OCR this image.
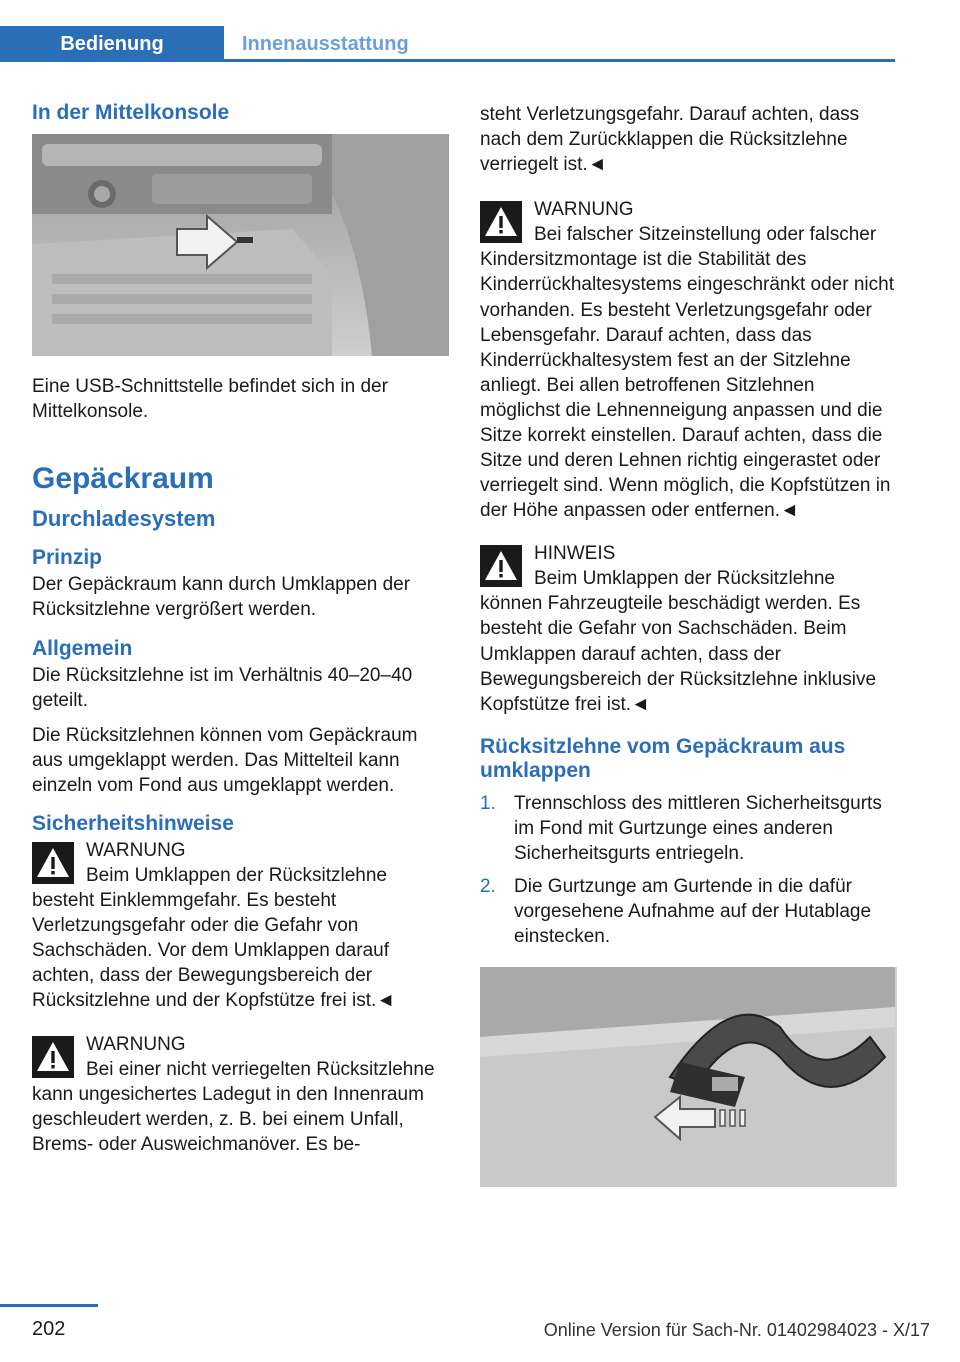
Bedienung	Innenausstattung
In der Mittelkonsole

Eine USB-Schnittstelle befindet sich in der Mittelkonsole.

Gepäckraum
Durchladesystem
Prinzip

Der Gepäckraum kann durch Umklappen der Rücksitzlehne vergrößert werden.

Allgemein

Die Rücksitzlehne ist im Verhältnis 40–20–40 geteilt.

Die Rücksitzlehnen können vom Gepäckraum aus umgeklappt werden. Das Mittelteil kann einzeln vom Fond aus umgeklappt werden.

Sicherheitshinweise
WARNUNG
Beim Umklappen der Rücksitzlehne besteht Einklemmgefahr. Es besteht Verletzungsgefahr oder die Gefahr von Sachschäden. Vor dem Umklappen darauf achten, dass der Bewegungsbereich der Rücksitzlehne und der Kopfstütze frei ist.◄
WARNUNG
Bei einer nicht verriegelten Rücksitzlehne kann ungesichertes Ladegut in den Innenraum geschleudert werden, z. B. bei einem Unfall, Brems- oder Ausweichmanöver. Es be-

steht Verletzungsgefahr. Darauf achten, dass nach dem Zurückklappen die Rücksitzlehne verriegelt ist.◄

WARNUNG
Bei falscher Sitzeinstellung oder falscher Kindersitzmontage ist die Stabilität des Kinderrückhaltesystems eingeschränkt oder nicht vorhanden. Es besteht Verletzungsgefahr oder Lebensgefahr. Darauf achten, dass das Kinderrückhaltesystem fest an der Sitzlehne anliegt. Bei allen betroffenen Sitzlehnen möglichst die Lehnenneigung anpassen und die Sitze korrekt einstellen. Darauf achten, dass die Sitze und deren Lehnen richtig eingerastet oder verriegelt sind. Wenn möglich, die Kopfstützen in der Höhe anpassen oder entfernen.◄
HINWEIS
Beim Umklappen der Rücksitzlehne können Fahrzeugteile beschädigt werden. Es besteht die Gefahr von Sachschäden. Beim Umklappen darauf achten, dass der Bewegungsbereich der Rücksitzlehne inklusive Kopfstütze frei ist.◄
Rücksitzlehne vom Gepäckraum aus umklappen
1. Trennschloss des mittleren Sicherheitsgurts im Fond mit Gurtzunge eines anderen Sicherheitsgurts entriegeln.
2. Die Gurtzunge am Gurtende in die dafür vorgesehene Aufnahme auf der Hutablage einstecken.
202	Online Version für Sach-Nr. 01402984023 - X/17
